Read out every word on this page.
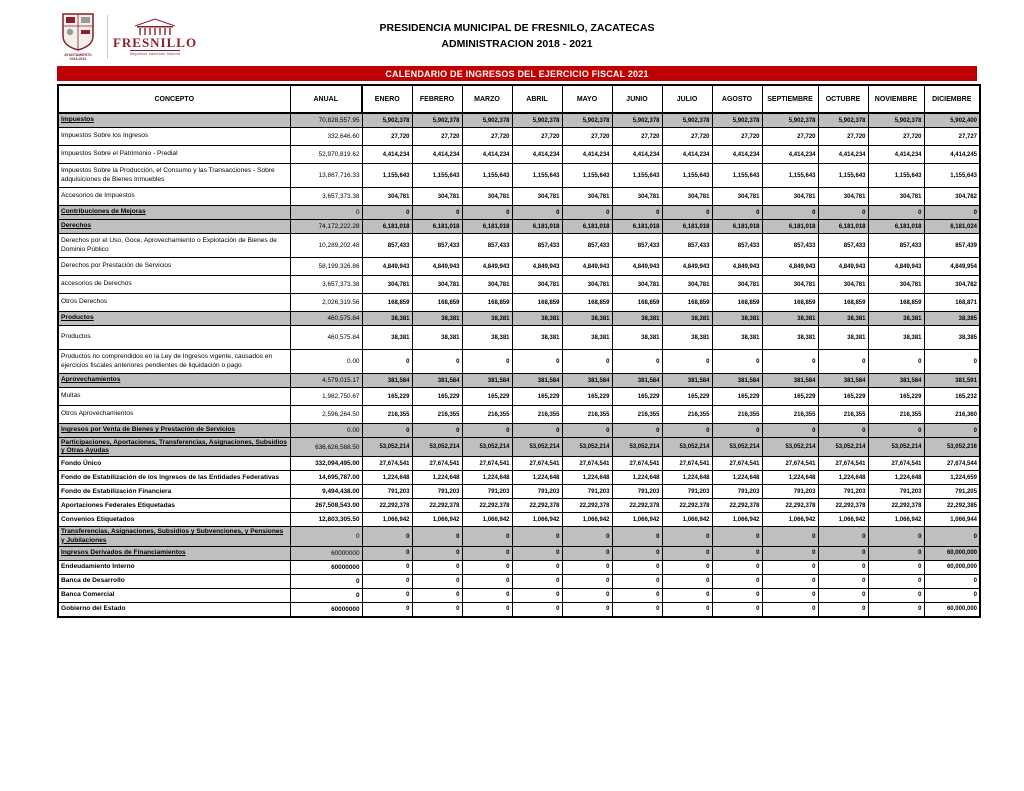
AYUNTAMIENTO
2018-2021
FRESNILLO
Seguimos haciendo historia
PRESIDENCIA MUNICIPAL DE FRESNILO, ZACATECAS
ADMINISTRACION 2018 - 2021
CALENDARIO DE INGRESOS DEL EJERCICIO FISCAL 2021
CONCEPTO	ANUAL	ENERO	FEBRERO	MARZO	ABRIL	MAYO	JUNIO	JULIO	AGOSTO	SEPTIEMBRE	OCTUBRE	NOVIEMBRE	DICIEMBRE
Impuestos	70,828,557.95	5,902,378	5,902,378	5,902,378	5,902,378	5,902,378	5,902,378	5,902,378	5,902,378	5,902,378	5,902,378	5,902,378	5,902,400
Impuestos Sobre los Ingresos	332,646.60	27,720	27,720	27,720	27,720	27,720	27,720	27,720	27,720	27,720	27,720	27,720	27,727
Impuestos Sobre el Patrimonio - Predial	52,970,819.62	4,414,234	4,414,234	4,414,234	4,414,234	4,414,234	4,414,234	4,414,234	4,414,234	4,414,234	4,414,234	4,414,234	4,414,245
Impuestos Sobre la Producción, el Consumo y las Transacciones - Sobre adquisiciones de Bienes Inmuebles	13,867,716.33	1,155,643	1,155,643	1,155,643	1,155,643	1,155,643	1,155,643	1,155,643	1,155,643	1,155,643	1,155,643	1,155,643	1,155,643
Accesorios de Impuestos	3,657,373.38	304,781	304,781	304,781	304,781	304,781	304,781	304,781	304,781	304,781	304,781	304,781	304,782
Contribuciones de Mejoras	0	0	0	0	0	0	0	0	0	0	0	0	0
Derechos	74,172,222.28	6,181,018	6,181,018	6,181,018	6,181,018	6,181,018	6,181,018	6,181,018	6,181,018	6,181,018	6,181,018	6,181,018	6,181,024
Derechos por el Uso, Goce, Aprovechamiento o Explotación de Bienes de Dominio Público	10,289,202.48	857,433	857,433	857,433	857,433	857,433	857,433	857,433	857,433	857,433	857,433	857,433	857,439
Derechos por Prestación de Servicios	58,199,326.86	4,849,943	4,849,943	4,849,943	4,849,943	4,849,943	4,849,943	4,849,943	4,849,943	4,849,943	4,849,943	4,849,943	4,849,954
accesorios de Derechos	3,657,373.38	304,781	304,781	304,781	304,781	304,781	304,781	304,781	304,781	304,781	304,781	304,781	304,782
Otros Derechos	2,026,319.56	168,859	168,859	168,859	168,859	168,859	168,859	168,859	168,859	168,859	168,859	168,859	168,871
Productos	460,575.84	38,381	38,381	38,381	38,381	38,381	38,381	38,381	38,381	38,381	38,381	38,381	38,385
Productos	460,575.84	38,381	38,381	38,381	38,381	38,381	38,381	38,381	38,381	38,381	38,381	38,381	38,385
Productos no comprendidos en la Ley de Ingresos vigente, causados en ejercicios fiscales anteriores pendientes de liquidación o pago	0.00	0	0	0	0	0	0	0	0	0	0	0	0
Aprovechamientos	4,579,015.17	381,584	381,584	381,584	381,584	381,584	381,584	381,584	381,584	381,584	381,584	381,584	381,591
Multas	1,982,750.67	165,229	165,229	165,229	165,229	165,229	165,229	165,229	165,229	165,229	165,229	165,229	165,232
Otros Aprovechamientos	2,596,264.50	216,355	216,355	216,355	216,355	216,355	216,355	216,355	216,355	216,355	216,355	216,355	216,360
Ingresos por Venta de Bienes y Prestación de Servicios	0.00	0	0	0	0	0	0	0	0	0	0	0	0
Participaciones, Aportaciones, Transferencias, Asignaciones, Subsidios y Otras Ayudas	636,626,568.50	53,052,214	53,052,214	53,052,214	53,052,214	53,052,214	53,052,214	53,052,214	53,052,214	53,052,214	53,052,214	53,052,214	53,052,216
Fondo Único	332,094,495.00	27,674,541	27,674,541	27,674,541	27,674,541	27,674,541	27,674,541	27,674,541	27,674,541	27,674,541	27,674,541	27,674,541	27,674,544
Fondo de Estabilización de los Ingresos de las Entidades Federativas	14,695,787.00	1,224,648	1,224,648	1,224,648	1,224,648	1,224,648	1,224,648	1,224,648	1,224,648	1,224,648	1,224,648	1,224,648	1,224,659
Fondo de Estabilización Financiera	9,494,438.00	791,203	791,203	791,203	791,203	791,203	791,203	791,203	791,203	791,203	791,203	791,203	791,205
Aportaciones Federales Etiquetadas	267,508,543.00	22,292,378	22,292,378	22,292,378	22,292,378	22,292,378	22,292,378	22,292,378	22,292,378	22,292,378	22,292,378	22,292,378	22,292,385
Convenios Etiquetados	12,803,305.50	1,066,942	1,066,942	1,066,942	1,066,942	1,066,942	1,066,942	1,066,942	1,066,942	1,066,942	1,066,942	1,066,942	1,066,944
Transferencias, Asignaciones, Subsidios y Subvenciones, y Pensiones y Jubilaciones	0	0	0	0	0	0	0	0	0	0	0	0	0
Ingresos Derivados de Financiamientos	60000000	0	0	0	0	0	0	0	0	0	0	0	60,000,000
Endeudamiento Interno	60000000	0	0	0	0	0	0	0	0	0	0	0	60,000,000
Banca de Desarrollo	0	0	0	0	0	0	0	0	0	0	0	0	0
Banca Comercial	0	0	0	0	0	0	0	0	0	0	0	0	0
Gobierno del Estado	60000000	0	0	0	0	0	0	0	0	0	0	0	60,000,000
